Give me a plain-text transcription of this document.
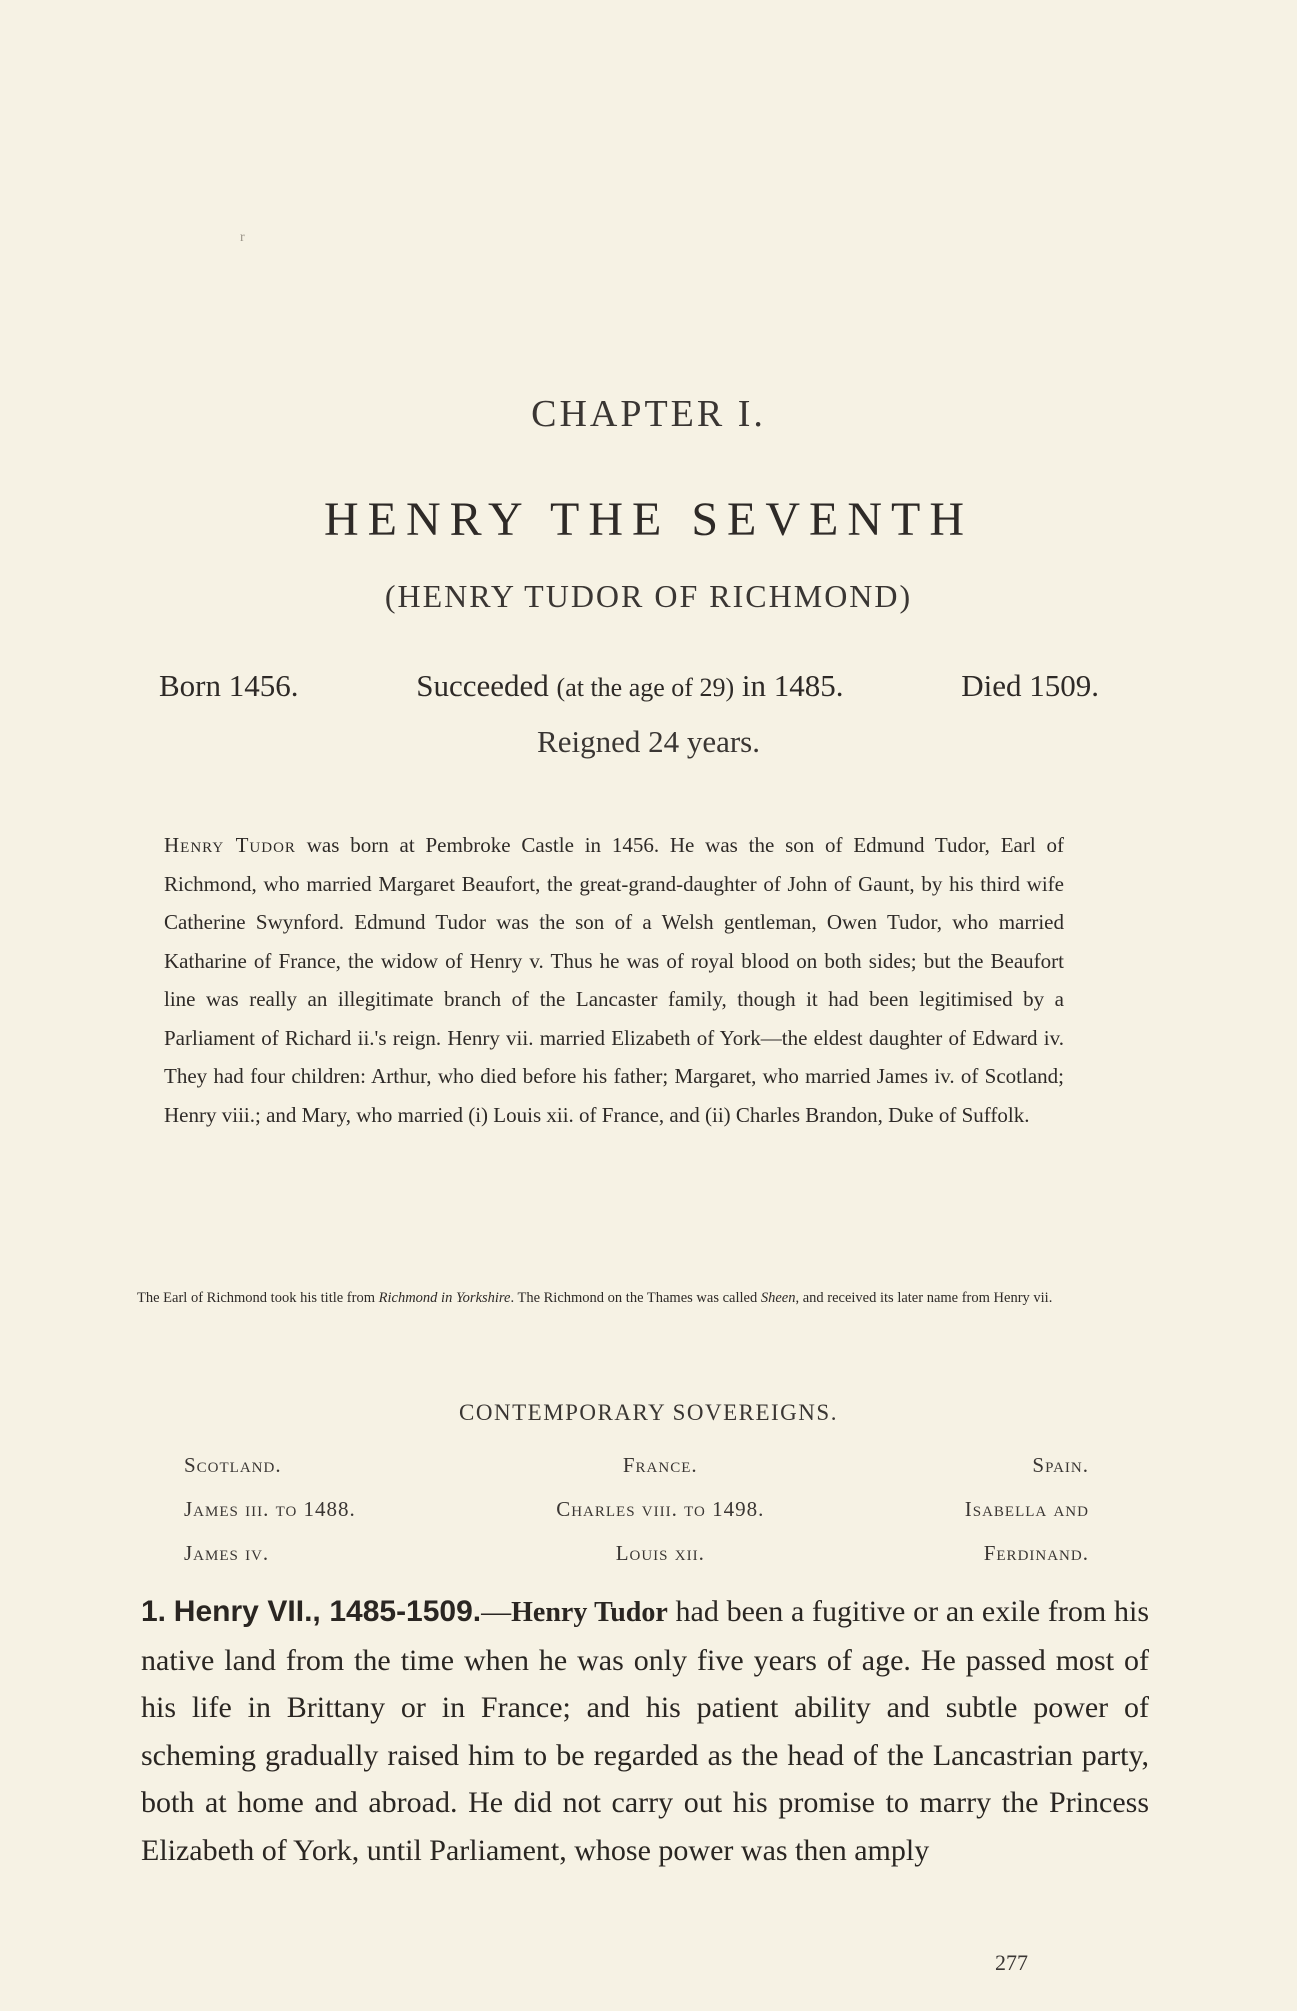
r
CHAPTER I.
HENRY THE SEVENTH
(HENRY TUDOR OF RICHMOND)
Born 1456.	Succeeded (at the age of 29) in 1485.	Died 1509.
Reigned 24 years.
Henry Tudor was born at Pembroke Castle in 1456. He was the son of Edmund Tudor, Earl of Richmond, who married Margaret Beaufort, the great-grand-daughter of John of Gaunt, by his third wife Catherine Swynford. Edmund Tudor was the son of a Welsh gentleman, Owen Tudor, who married Katharine of France, the widow of Henry v. Thus he was of royal blood on both sides; but the Beaufort line was really an illegitimate branch of the Lancaster family, though it had been legitimised by a Parliament of Richard ii.'s reign. Henry vii. married Elizabeth of York—the eldest daughter of Edward iv. They had four children: Arthur, who died before his father; Margaret, who married James iv. of Scotland; Henry viii.; and Mary, who married (i) Louis xii. of France, and (ii) Charles Brandon, Duke of Suffolk.
The Earl of Richmond took his title from Richmond in Yorkshire. The Richmond on the Thames was called Sheen, and received its later name from Henry vii.
CONTEMPORARY SOVEREIGNS.
Scotland.
James iii. to 1488.
James iv.
France.
Charles viii. to 1498.
Louis xii.
Spain.
Isabella and
Ferdinand.
1. Henry VII., 1485-1509.—Henry Tudor had been a fugitive or an exile from his native land from the time when he was only five years of age. He passed most of his life in Brittany or in France; and his patient ability and subtle power of scheming gradually raised him to be regarded as the head of the Lancastrian party, both at home and abroad. He did not carry out his promise to marry the Princess Elizabeth of York, until Parliament, whose power was then amply
277
